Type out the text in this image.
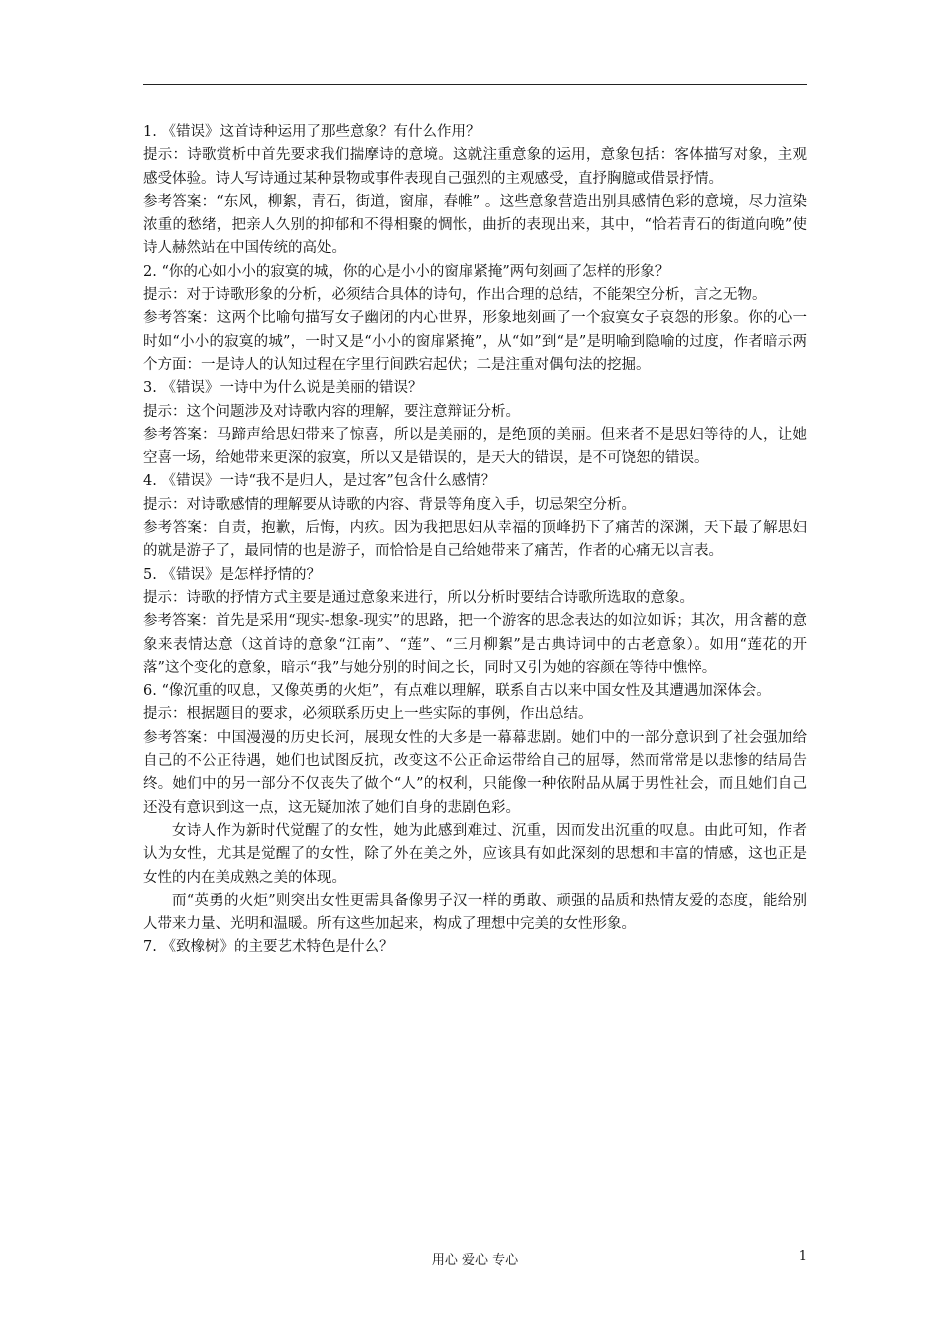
1. 《错误》这首诗种运用了那些意象？有什么作用？

提示：诗歌赏析中首先要求我们揣摩诗的意境。这就注重意象的运用，意象包括：客体描写对象，主观感受体验。诗人写诗通过某种景物或事件表现自己强烈的主观感受，直抒胸臆或借景抒情。

参考答案：“东风，柳絮，青石，街道，窗扉，春帷” 。这些意象营造出别具感情色彩的意境，尽力渲染浓重的愁绪，把亲人久别的抑郁和不得相聚的惆怅，曲折的表现出来，其中，“恰若青石的街道向晚”使诗人赫然站在中国传统的高处。

2. “你的心如小小的寂寞的城，你的心是小小的窗扉紧掩”两句刻画了怎样的形象？

提示：对于诗歌形象的分析，必须结合具体的诗句，作出合理的总结，不能架空分析，言之无物。

参考答案：这两个比喻句描写女子幽闭的内心世界，形象地刻画了一个寂寞女子哀怨的形象。你的心一时如“小小的寂寞的城”，一时又是“小小的窗扉紧掩”，从“如”到“是”是明喻到隐喻的过度，作者暗示两个方面：一是诗人的认知过程在字里行间跌宕起伏；二是注重对偶句法的挖掘。

3. 《错误》一诗中为什么说是美丽的错误？

提示：这个问题涉及对诗歌内容的理解，要注意辩证分析。

参考答案：马蹄声给思妇带来了惊喜，所以是美丽的，是绝顶的美丽。但来者不是思妇等待的人，让她空喜一场，给她带来更深的寂寞，所以又是错误的，是天大的错误，是不可饶恕的错误。

4. 《错误》一诗“我不是归人，是过客”包含什么感情？

提示：对诗歌感情的理解要从诗歌的内容、背景等角度入手，切忌架空分析。

参考答案：自责，抱歉，后悔，内疚。因为我把思妇从幸福的顶峰扔下了痛苦的深渊，天下最了解思妇的就是游子了，最同情的也是游子，而恰恰是自己给她带来了痛苦，作者的心痛无以言表。

5. 《错误》是怎样抒情的？

提示：诗歌的抒情方式主要是通过意象来进行，所以分析时要结合诗歌所选取的意象。

参考答案：首先是采用“现实-想象-现实”的思路，把一个游客的思念表达的如泣如诉；其次，用含蓄的意象来表情达意（这首诗的意象“江南”、“莲”、“三月柳絮”是古典诗词中的古老意象）。如用“莲花的开落”这个变化的意象，暗示“我”与她分别的时间之长，同时又引为她的容颜在等待中憔悴。

6. “像沉重的叹息，又像英勇的火炬”，有点难以理解，联系自古以来中国女性及其遭遇加深体会。

提示：根据题目的要求，必须联系历史上一些实际的事例，作出总结。

参考答案：中国漫漫的历史长河，展现女性的大多是一幕幕悲剧。她们中的一部分意识到了社会强加给自己的不公正待遇，她们也试图反抗，改变这不公正命运带给自己的屈辱，然而常常是以悲惨的结局告终。她们中的另一部分不仅丧失了做个“人”的权利，只能像一种依附品从属于男性社会，而且她们自己还没有意识到这一点，这无疑加浓了她们自身的悲剧色彩。

女诗人作为新时代觉醒了的女性，她为此感到难过、沉重，因而发出沉重的叹息。由此可知，作者认为女性，尤其是觉醒了的女性，除了外在美之外，应该具有如此深刻的思想和丰富的情感，这也正是女性的内在美成熟之美的体现。

而“英勇的火炬”则突出女性更需具备像男子汉一样的勇敢、顽强的品质和热情友爱的态度，能给别人带来力量、光明和温暖。所有这些加起来，构成了理想中完美的女性形象。

7. 《致橡树》的主要艺术特色是什么？

用心 爱心 专心	1
